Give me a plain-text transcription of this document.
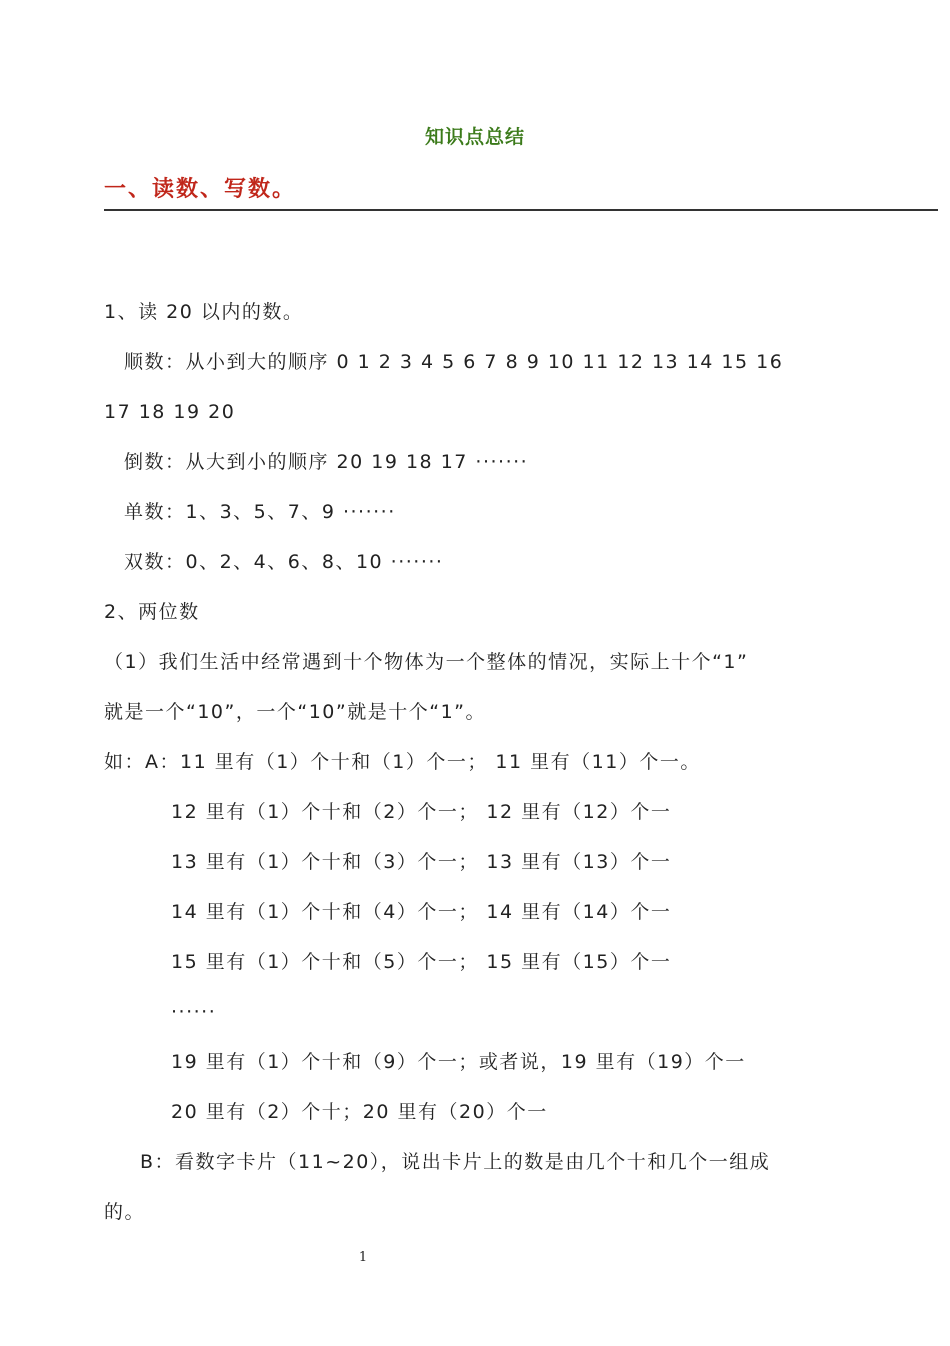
知识点总结
一、读数、写数。
1、读 20 以内的数。
顺数：从小到大的顺序 0 1 2 3 4 5 6 7 8 9 10 11 12 13 14 15 16
17 18 19 20
倒数：从大到小的顺序 20 19 18 17 ·······
单数：1、3、5、7、9 ·······
双数：0、2、4、6、8、10 ·······
2、两位数
（1）我们生活中经常遇到十个物体为一个整体的情况，实际上十个“1”
就是一个“10”，一个“10”就是十个“1”。
如：A：11 里有（1）个十和（1）个一； 11 里有（11）个一。
12 里有（1）个十和（2）个一； 12 里有（12）个一
13 里有（1）个十和（3）个一； 13 里有（13）个一
14 里有（1）个十和（4）个一； 14 里有（14）个一
15 里有（1）个十和（5）个一； 15 里有（15）个一
······
19 里有（1）个十和（9）个一；或者说，19 里有（19）个一
20 里有（2）个十；20 里有（20）个一
B：看数字卡片（11~20），说出卡片上的数是由几个十和几个一组成
的。
1
